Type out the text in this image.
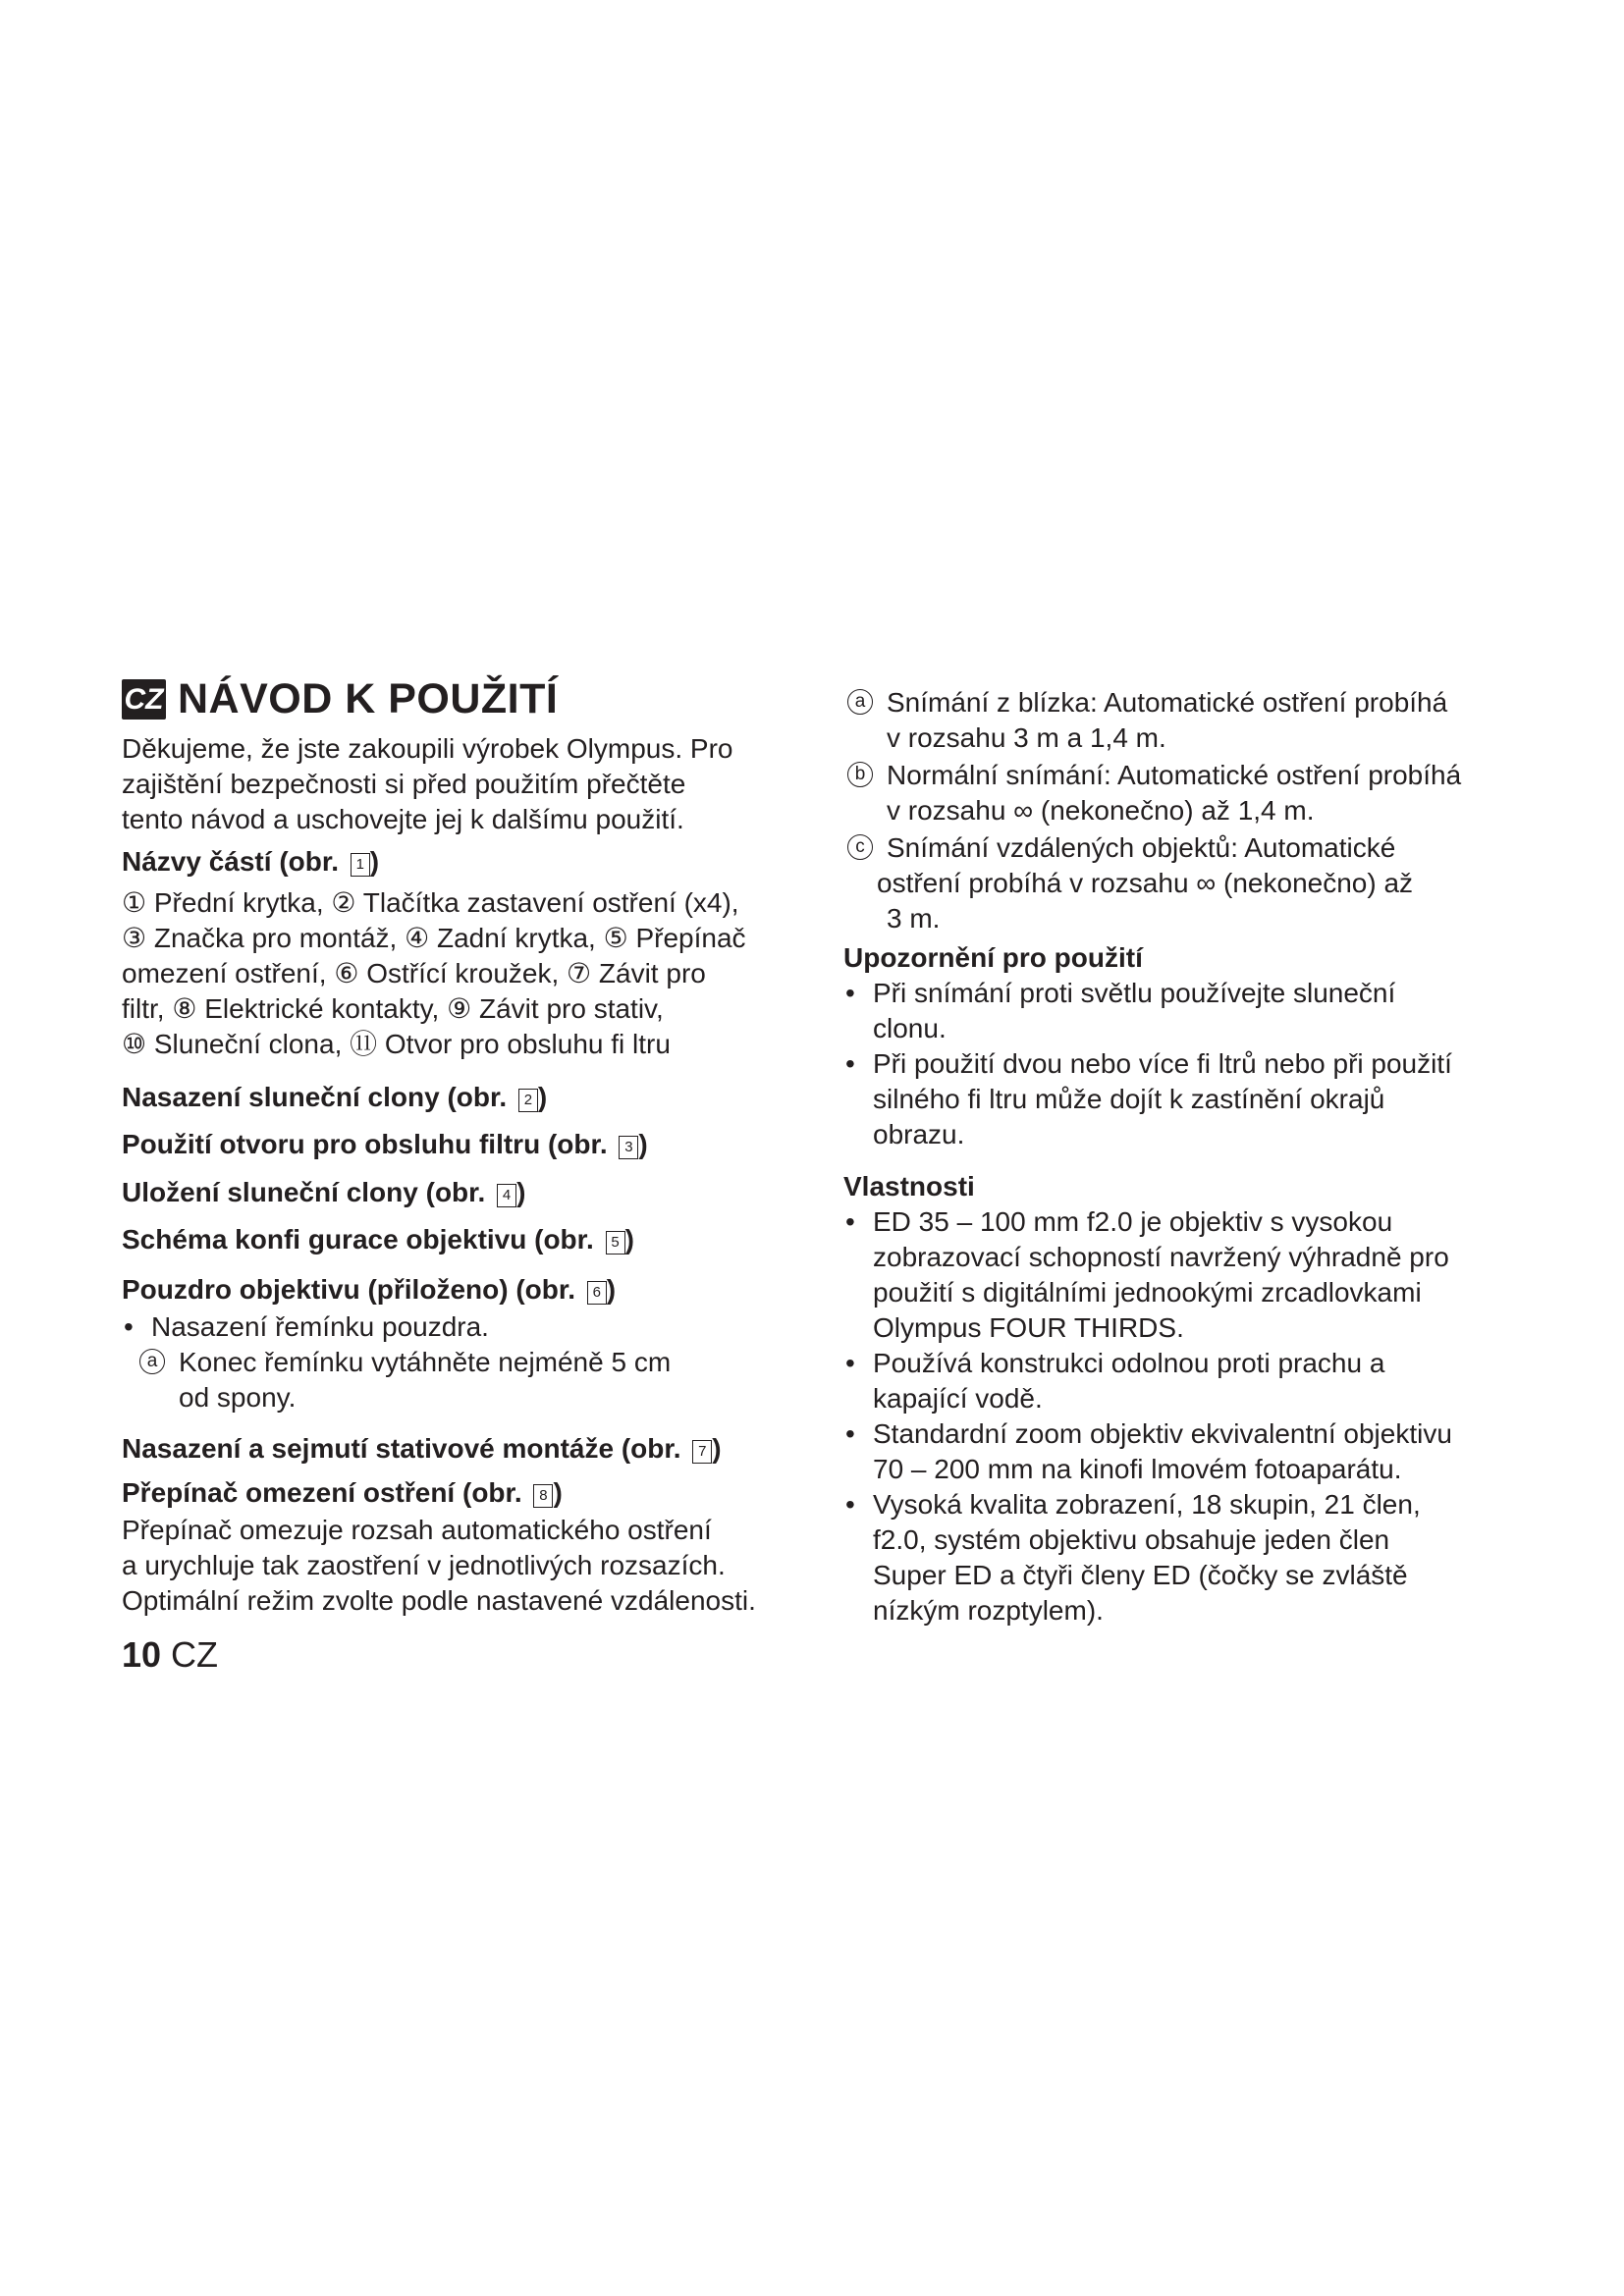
CZ NÁVOD K POUŽITÍ

Děkujeme, že jste zakoupili výrobek Olympus. Pro

zajištění bezpečnosti si před použitím přečtěte

tento návod a uschovejte jej k dalšímu použití.

Názvy částí (obr. 1 )

① Přední krytka, ② Tlačítka zastavení ostření (x4),

③ Značka pro montáž, ④ Zadní krytka, ⑤ Přepínač

omezení ostření, ⑥ Ostřící kroužek, ⑦ Závit pro

filtr, ⑧ Elektrické kontakty, ⑨ Závit pro stativ,

⑩ Sluneční clona, ⑪ Otvor pro obsluhu fi ltru

Nasazení sluneční clony (obr. 2 )

Použití otvoru pro obsluhu filtru (obr. 3 )

Uložení sluneční clony (obr. 4 )

Schéma konfi gurace objektivu (obr. 5 )

Pouzdro objektivu (přiloženo) (obr. 6 )

• Nasazení řemínku pouzdra.

a Konec řemínku vytáhněte nejméně 5 cm
od spony.

Nasazení a sejmutí stativové montáže (obr. 7 )

Přepínač omezení ostření (obr. 8 )

Přepínač omezuje rozsah automatického ostření

a urychluje tak zaostření v jednotlivých rozsazích.

Optimální režim zvolte podle nastavené vzdálenosti.

10 CZ
a Snímání z blízka: Automatické ostření probíhá
v rozsahu 3 m a 1,4 m.
b Normální snímání: Automatické ostření probíhá
v rozsahu ∞ (nekonečno) až 1,4 m.
c Snímání vzdálených objektů: Automatické
ostření probíhá v rozsahu ∞ (nekonečno) až
3 m.

Upozornění pro použití

• Při snímání proti světlu používejte sluneční
clonu.
• Při použití dvou nebo více fi ltrů nebo při použití
silného fi ltru může dojít k zastínění okrajů
obrazu.

Vlastnosti

• ED 35 – 100 mm f2.0 je objektiv s vysokou
zobrazovací schopností navržený výhradně pro
použití s digitálními jednookými zrcadlovkami
Olympus FOUR THIRDS.
• Používá konstrukci odolnou proti prachu a
kapající vodě.
• Standardní zoom objektiv ekvivalentní objektivu
70 – 200 mm na kinofi lmovém fotoaparátu.
• Vysoká kvalita zobrazení, 18 skupin, 21 člen,
f2.0, systém objektivu obsahuje jeden člen
Super ED a čtyři členy ED (čočky se zvláště
nízkým rozptylem).
